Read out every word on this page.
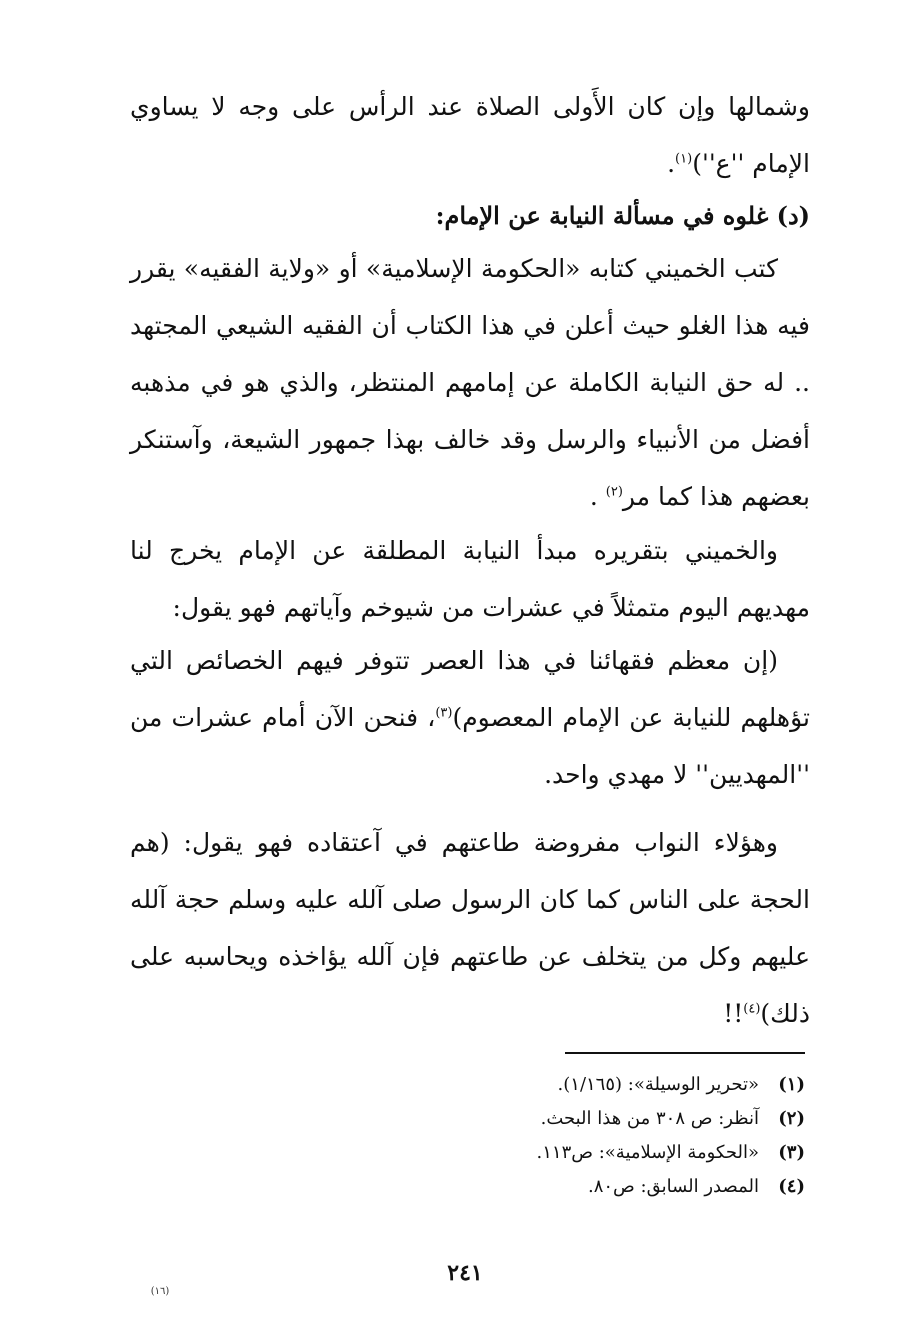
وشمالها وإن كان الأَولى الصلاة عند الرأس على وجه لا يساوي الإمام ''ع'')$^{(١)}$.

(د) غلوه في مسألة النيابة عن الإمام:

كتب الخميني كتابه «الحكومة الإسلامية» أو «ولاية الفقيه» يقرر فيه هذا الغلو حيث أعلن في هذا الكتاب أن الفقيه الشيعي المجتهد .. له حق النيابة الكاملة عن إمامهم المنتظر، والذي هو في مذهبه أفضل من الأنبياء والرسل وقد خالف بهذا جمهور الشيعة، وآستنكر بعضهم هذا كما مر$^{(٢)}$ .

والخميني بتقريره مبدأ النيابة المطلقة عن الإمام يخرج لنا مهديهم اليوم متمثلاً في عشرات من شيوخم وآياتهم فهو يقول:

(إن معظم فقهائنا في هذا العصر تتوفر فيهم الخصائص التي تؤهلهم للنيابة عن الإمام المعصوم)$^{(٣)}$، فنحن الآن أمام عشرات من ''المهديين'' لا مهدي واحد.

وهؤلاء النواب مفروضة طاعتهم في آعتقاده فهو يقول: (هم الحجة على الناس كما كان الرسول صلى آلله عليه وسلم حجة آلله عليهم وكل من يتخلف عن طاعتهم فإن آلله يؤاخذه ويحاسبه على ذلك)$^{(٤)}$!!

(١)«تحرير الوسيلة»: (١/١٦٥).
(٢)آنظر: ص ٣٠٨ من هذا البحث.
(٣)«الحكومة الإسلامية»: ص١١٣.
(٤)المصدر السابق: ص٨٠.
٢٤١
(١٦)
